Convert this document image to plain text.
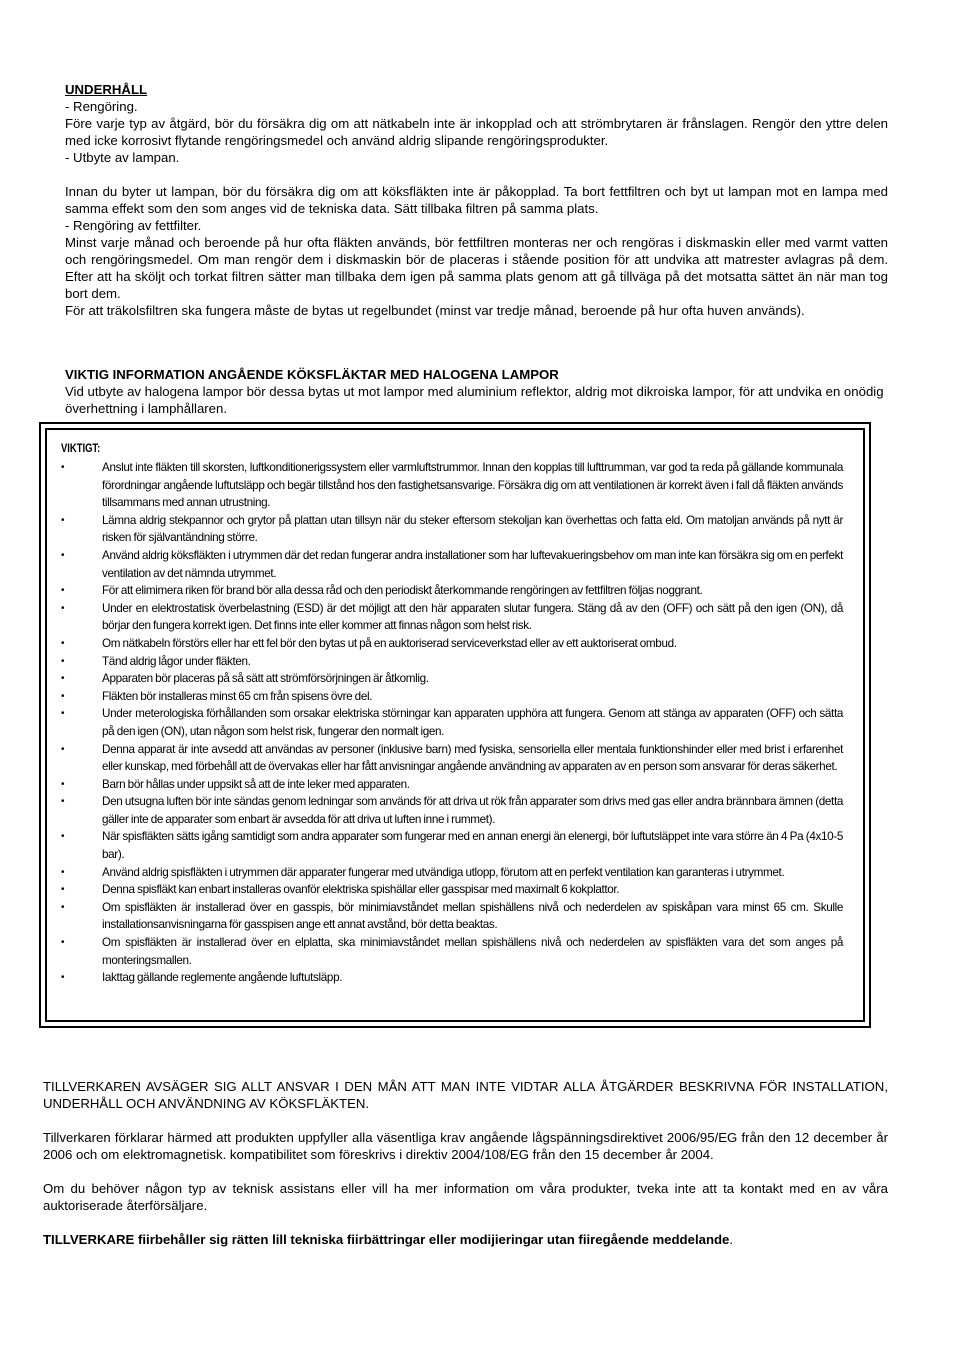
UNDERHÅLL
- Rengöring.
Före varje typ av åtgärd, bör du försäkra dig om att nätkabeln inte är inkopplad och att strömbrytaren är frånslagen. Rengör den yttre delen med icke korrosivt flytande rengöringsmedel och använd aldrig slipande rengöringsprodukter.
- Utbyte av lampan.
Innan du byter ut lampan, bör du försäkra dig om att köksfläkten inte är påkopplad. Ta bort fettfiltren och byt ut lampan mot en lampa med samma effekt som den som anges vid de tekniska data. Sätt tillbaka filtren på samma plats.
- Rengöring av fettfilter.
Minst varje månad och beroende på hur ofta fläkten används, bör fettfiltren monteras ner och rengöras i diskmaskin eller med varmt vatten och rengöringsmedel. Om man rengör dem i diskmaskin bör de placeras i stående position för att undvika att matrester avlagras på dem. Efter att ha sköljt och torkat filtren sätter man tillbaka dem igen på samma plats genom att gå tillväga på det motsatta sättet än när man tog bort dem.
För att träkolsfiltren ska fungera måste de bytas ut regelbundet (minst var tredje månad, beroende på hur ofta huven används).
VIKTIG INFORMATION ANGÅENDE KÖKSFLÄKTAR MED HALOGENA LAMPOR
Vid utbyte av halogena lampor bör dessa bytas ut mot lampor med aluminium reflektor, aldrig mot dikroiska lampor, för att undvika en onödig överhettning i lamphållaren.
VIKTIGT:
•	Anslut inte fläkten till skorsten, luftkonditionerigssystem eller varmluftstrummor. Innan den kopplas till lufttrumman, var god ta reda på gällande kommunala förordningar angående luftutsläpp och begär tillstånd hos den fastighetsansvarige. Försäkra dig om att ventilationen är korrekt även i fall då fläkten används tillsammans med annan utrustning.
•	Lämna aldrig stekpannor och grytor på plattan utan tillsyn när du steker eftersom stekoljan kan överhettas och fatta eld. Om matoljan används på nytt är risken för självantändning större.
•	Använd aldrig köksfläkten i utrymmen där det redan fungerar andra installationer som har luftevakueringsbehov om man inte kan försäkra sig om en perfekt ventilation av det nämnda utrymmet.
•	För att elimimera riken för brand bör alla dessa råd och den periodiskt återkommande rengöringen av fettfiltren följas noggrant.
•	Under en elektrostatisk överbelastning (ESD) är det möjligt att den här apparaten slutar fungera. Stäng då av den (OFF) och sätt på den igen (ON), då börjar den fungera korrekt igen. Det finns inte eller kommer att finnas någon som helst risk.
•	Om nätkabeln förstörs eller har ett fel bör den bytas ut på en auktoriserad serviceverkstad eller av ett auktoriserat ombud.
•	Tänd aldrig lågor under fläkten.
•	Apparaten bör placeras på så sätt att strömförsörjningen är åtkomlig.
•	Fläkten bör installeras minst 65 cm från spisens övre del.
•	Under meterologiska förhållanden som orsakar elektriska störningar kan apparaten upphöra att fungera. Genom att stänga av apparaten (OFF) och sätta på den igen (ON), utan någon som helst risk, fungerar den normalt igen.
•	Denna apparat är inte avsedd att användas av personer (inklusive barn) med fysiska, sensoriella eller mentala funktionshinder eller med brist i erfarenhet eller kunskap, med förbehåll att de övervakas eller har fått anvisningar angående användning av apparaten av en person som ansvarar för deras säkerhet.
•	Barn bör hållas under uppsikt så att de inte leker med apparaten.
•	Den utsugna luften bör inte sändas genom ledningar som används för att driva ut rök från apparater som drivs med gas eller andra brännbara ämnen (detta gäller inte de apparater som enbart är avsedda för att driva ut luften inne i rummet).
•	När spisfläkten sätts igång samtidigt som andra apparater som fungerar med en annan energi än elenergi, bör luftutsläppet inte vara större än 4 Pa (4x10-5 bar).
•	Använd aldrig spisfläkten i utrymmen där apparater fungerar med utvändiga utlopp, förutom att en perfekt ventilation kan garanteras i utrymmet.
•	Denna spisfläkt kan enbart installeras ovanför elektriska spishällar eller gasspisar med maximalt 6 kokplattor.
•	Om spisfläkten är installerad över en gasspis, bör minimiavståndet mellan spishällens nivå och nederdelen av spiskåpan vara minst 65 cm. Skulle installationsanvisningarna för gasspisen ange ett annat avstånd, bör detta beaktas.
•	Om spisfläkten är installerad över en elplatta, ska minimiavståndet mellan spishällens nivå och nederdelen av spisfläkten vara det som anges på monteringsmallen.
•	Iakttag gällande reglemente angående luftutsläpp.
TILLVERKAREN AVSÄGER SIG ALLT ANSVAR I DEN MÅN ATT MAN INTE VIDTAR ALLA ÅTGÄRDER BESKRIVNA FÖR INSTALLATION, UNDERHÅLL OCH ANVÄNDNING AV KÖKSFLÄKTEN.
Tillverkaren förklarar härmed att produkten uppfyller alla väsentliga krav angående lågspänningsdirektivet 2006/95/EG från den 12 december år 2006 och om elektromagnetisk. kompatibilitet som föreskrivs i direktiv 2004/108/EG från den 15 december år 2004.
Om du behöver någon typ av teknisk assistans eller vill ha mer information om våra produkter, tveka inte att ta kontakt med en av våra auktoriserade återförsäljare.
TILLVERKARE fiirbehåller sig rätten lill tekniska fiirbättringar eller modijieringar utan fiiregående meddelande.
